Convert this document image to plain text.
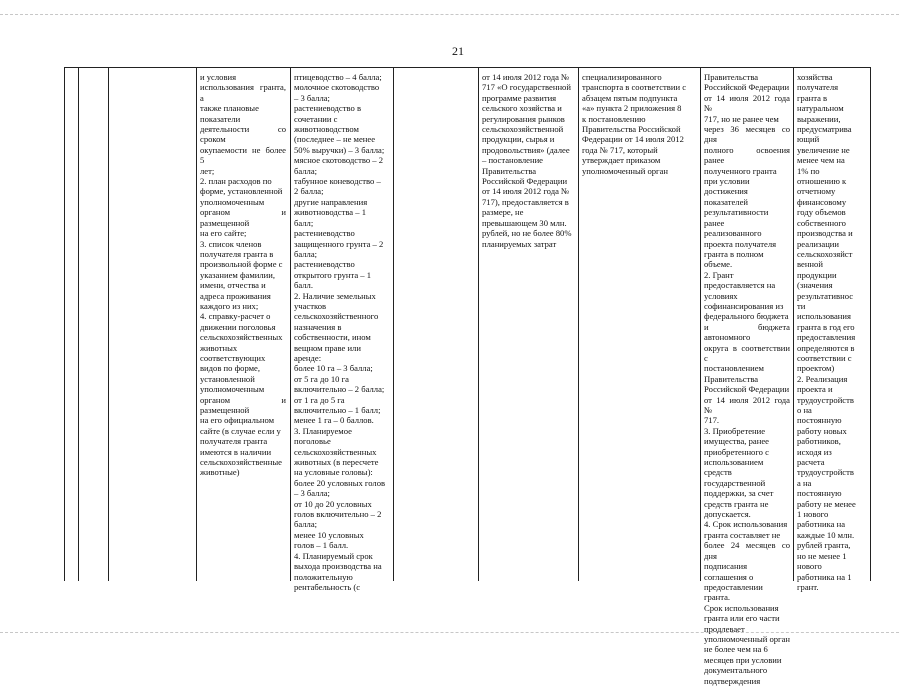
21
и условия
использования гранта, а
также плановые
показатели
деятельности со сроком
окупаемости не более 5
лет;
2. план расходов по
форме, установленной
уполномоченным
органом и размещенной
на его сайте;
3. список членов
получателя гранта в
произвольной форме с
указанием фамилии,
имени, отчества и
адреса проживания
каждого из них;
4. справку-расчет о
движении поголовья
сельскохозяйственных
животных
соответствующих
видов по форме,
установленной
уполномоченным
органом и размещенной
на его официальном
сайте (в случае если у
получателя гранта
имеются в наличии
сельскохозяйственные
животные)
птицеводство – 4 балла;
молочное скотоводство
– 3 балла;
растениеводство в
сочетании с
животноводством
(последнее – не менее
50% выручки) – 3 балла;
мясное скотоводство – 2
балла;
табунное коневодство –
2 балла;
другие направления
животноводства – 1
балл;
растениеводство
защищенного грунта – 2
балла;
растениеводство
открытого грунта – 1
балл.
2. Наличие земельных
участков
сельскохозяйственного
назначения в
собственности, ином
вещном праве или
аренде:
более 10 га – 3 балла;
от 5 га до 10 га
включительно – 2 балла;
от 1 га до 5 га
включительно – 1 балл;
менее 1 га – 0 баллов.
3. Планируемое
поголовье
сельскохозяйственных
животных (в пересчете
на условные головы):
более 20 условных голов
– 3 балла;
от 10 до 20 условных
голов включительно – 2
балла;
менее 10 условных
голов – 1 балл.
4. Планируемый срок
выхода производства на
положительную
рентабельность (с
от 14 июля 2012 года №
717 «О государственной
программе развития
сельского хозяйства и
регулирования рынков
сельскохозяйственной
продукции, сырья и
продовольствия» (далее
– постановление
Правительства
Российской Федерации
от 14 июля 2012 года №
717), предоставляется в
размере, не
превышающем 30 млн.
рублей, но не более 80%
планируемых затрат
специализированного
транспорта в соответствии с
абзацем пятым подпункта
«а» пункта 2 приложения 8
к постановлению
Правительства Российской
Федерации от 14 июля 2012
года № 717, который
утверждает приказом
уполномоченный орган
Правительства
Российской Федерации
от 14 июля 2012 года №
717, но не ранее чем
через 36 месяцев со дня
полного освоения ранее
полученного гранта
при условии
достижения
показателей
результативности ранее
реализованного
проекта получателя
гранта в полном
объеме.
2. Грант
предоставляется на
условиях
софинансирования из
федерального бюджета
и бюджета автономного
округа в соответствии с
постановлением
Правительства
Российской Федерации
от 14 июля 2012 года №
717.
3. Приобретение
имущества, ранее
приобретенного с
использованием
средств
государственной
поддержки, за счет
средств гранта не
допускается.
4. Срок использования
гранта составляет не
более 24 месяцев со дня
подписания
соглашения о
предоставлении гранта.
Срок использования
гранта или его части
продлевает
уполномоченный орган
не более чем на 6
месяцев при условии
документального
подтверждения
хозяйства
получателя
гранта в
натуральном
выражении,
предусматрива
ющий
увеличение не
менее чем на
1% по
отношению к
отчетному
финансовому
году объемов
собственного
производства и
реализации
сельскохозяйст
венной
продукции
(значения
результативнос
ти
использования
гранта в год его
предоставления
определяются в
соответствии с
проектом)
2. Реализация
проекта и
трудоустройств
о на
постоянную
работу новых
работников,
исходя из
расчета
трудоустройств
а на
постоянную
работу не менее
1 нового
работника на
каждые 10 млн.
рублей гранта,
но не менее 1
нового
работника на 1
грант.
